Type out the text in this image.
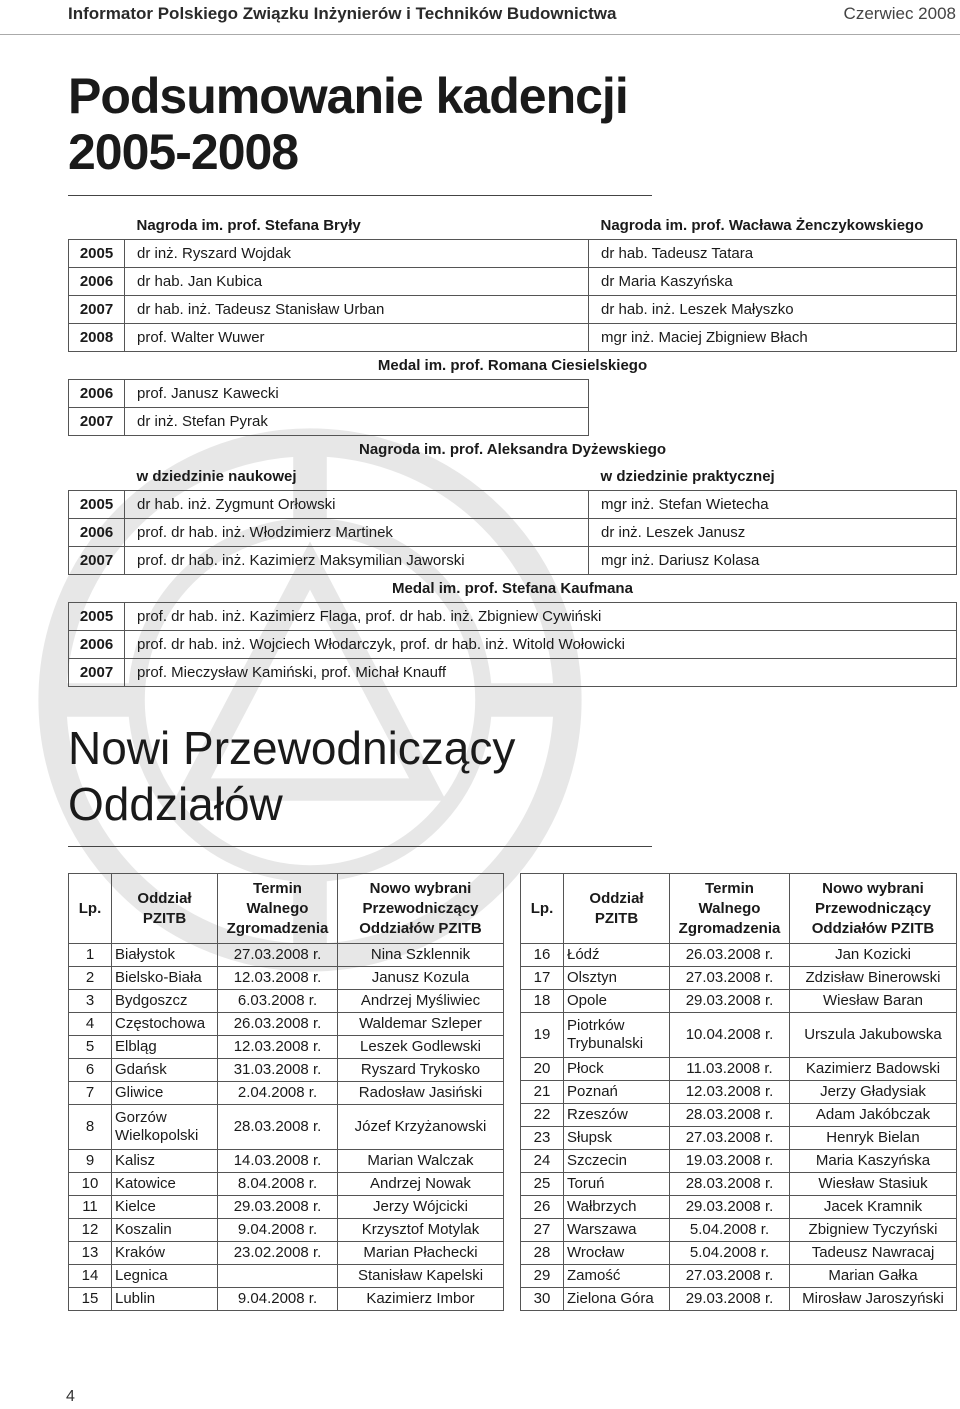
Informator Polskiego Związku Inżynierów i Techników Budownictwa	Czerwiec 2008
Podsumowanie kadencji
2005-2008
	Nagroda im. prof. Stefana Bryły	Nagroda im. prof. Wacława Żenczykowskiego
2005	dr inż. Ryszard Wojdak	dr hab. Tadeusz Tatara
2006	dr hab. Jan Kubica	dr Maria Kaszyńska
2007	dr hab. inż. Tadeusz Stanisław Urban	dr hab. inż. Leszek Małyszko
2008	prof. Walter Wuwer	mgr inż. Maciej Zbigniew Błach
Medal im. prof. Romana Ciesielskiego		
2006	prof. Janusz Kawecki	
2007	dr inż. Stefan Pyrak	
Nagroda im. prof. Aleksandra Dyżewskiego		
	w dziedzinie naukowej	w dziedzinie praktycznej
2005	dr hab. inż. Zygmunt Orłowski	mgr inż. Stefan Wietecha
2006	prof. dr hab. inż. Włodzimierz Martinek	dr inż. Leszek Janusz
2007	prof. dr hab. inż. Kazimierz Maksymilian Jaworski	mgr inż. Dariusz Kolasa
Medal im. prof. Stefana Kaufmana		
2005	prof. dr hab. inż. Kazimierz Flaga, prof. dr hab. inż. Zbigniew Cywiński	
2006	prof. dr hab. inż. Wojciech Włodarczyk, prof. dr hab. inż. Witold Wołowicki	
2007	prof. Mieczysław Kamiński, prof. Michał Knauff	
Nowi Przewodniczący
Oddziałów
Lp.	Oddział
PZITB	Termin
Walnego
Zgromadzenia	Nowo wybrani
Przewodniczący
Oddziałów PZITB
1	Białystok	27.03.2008 r.	Nina Szklennik
2	Bielsko-Biała	12.03.2008 r.	Janusz Kozula
3	Bydgoszcz	6.03.2008 r.	Andrzej Myśliwiec
4	Częstochowa	26.03.2008 r.	Waldemar Szleper
5	Elbląg	12.03.2008 r.	Leszek Godlewski
6	Gdańsk	31.03.2008 r.	Ryszard Trykosko
7	Gliwice	2.04.2008 r.	Radosław Jasiński
8	Gorzów
Wielkopolski	28.03.2008 r.	Józef Krzyżanowski
9	Kalisz	14.03.2008 r.	Marian Walczak
10	Katowice	8.04.2008 r.	Andrzej Nowak
11	Kielce	29.03.2008 r.	Jerzy Wójcicki
12	Koszalin	9.04.2008 r.	Krzysztof Motylak
13	Kraków	23.02.2008 r.	Marian Płachecki
14	Legnica		Stanisław Kapelski
15	Lublin	9.04.2008 r.	Kazimierz Imbor
Lp.	Oddział
PZITB	Termin
Walnego
Zgromadzenia	Nowo wybrani
Przewodniczący
Oddziałów PZITB
16	Łódź	26.03.2008 r.	Jan Kozicki
17	Olsztyn	27.03.2008 r.	Zdzisław Binerowski
18	Opole	29.03.2008 r.	Wiesław Baran
19	Piotrków
Trybunalski	10.04.2008 r.	Urszula Jakubowska
20	Płock	11.03.2008 r.	Kazimierz Badowski
21	Poznań	12.03.2008 r.	Jerzy Gładysiak
22	Rzeszów	28.03.2008 r.	Adam Jakóbczak
23	Słupsk	27.03.2008 r.	Henryk Bielan
24	Szczecin	19.03.2008 r.	Maria Kaszyńska
25	Toruń	28.03.2008 r.	Wiesław Stasiuk
26	Wałbrzych	29.03.2008 r.	Jacek Kramnik
27	Warszawa	5.04.2008 r.	Zbigniew Tyczyński
28	Wrocław	5.04.2008 r.	Tadeusz Nawracaj
29	Zamość	27.03.2008 r.	Marian Gałka
30	Zielona Góra	29.03.2008 r.	Mirosław Jaroszyński
4
